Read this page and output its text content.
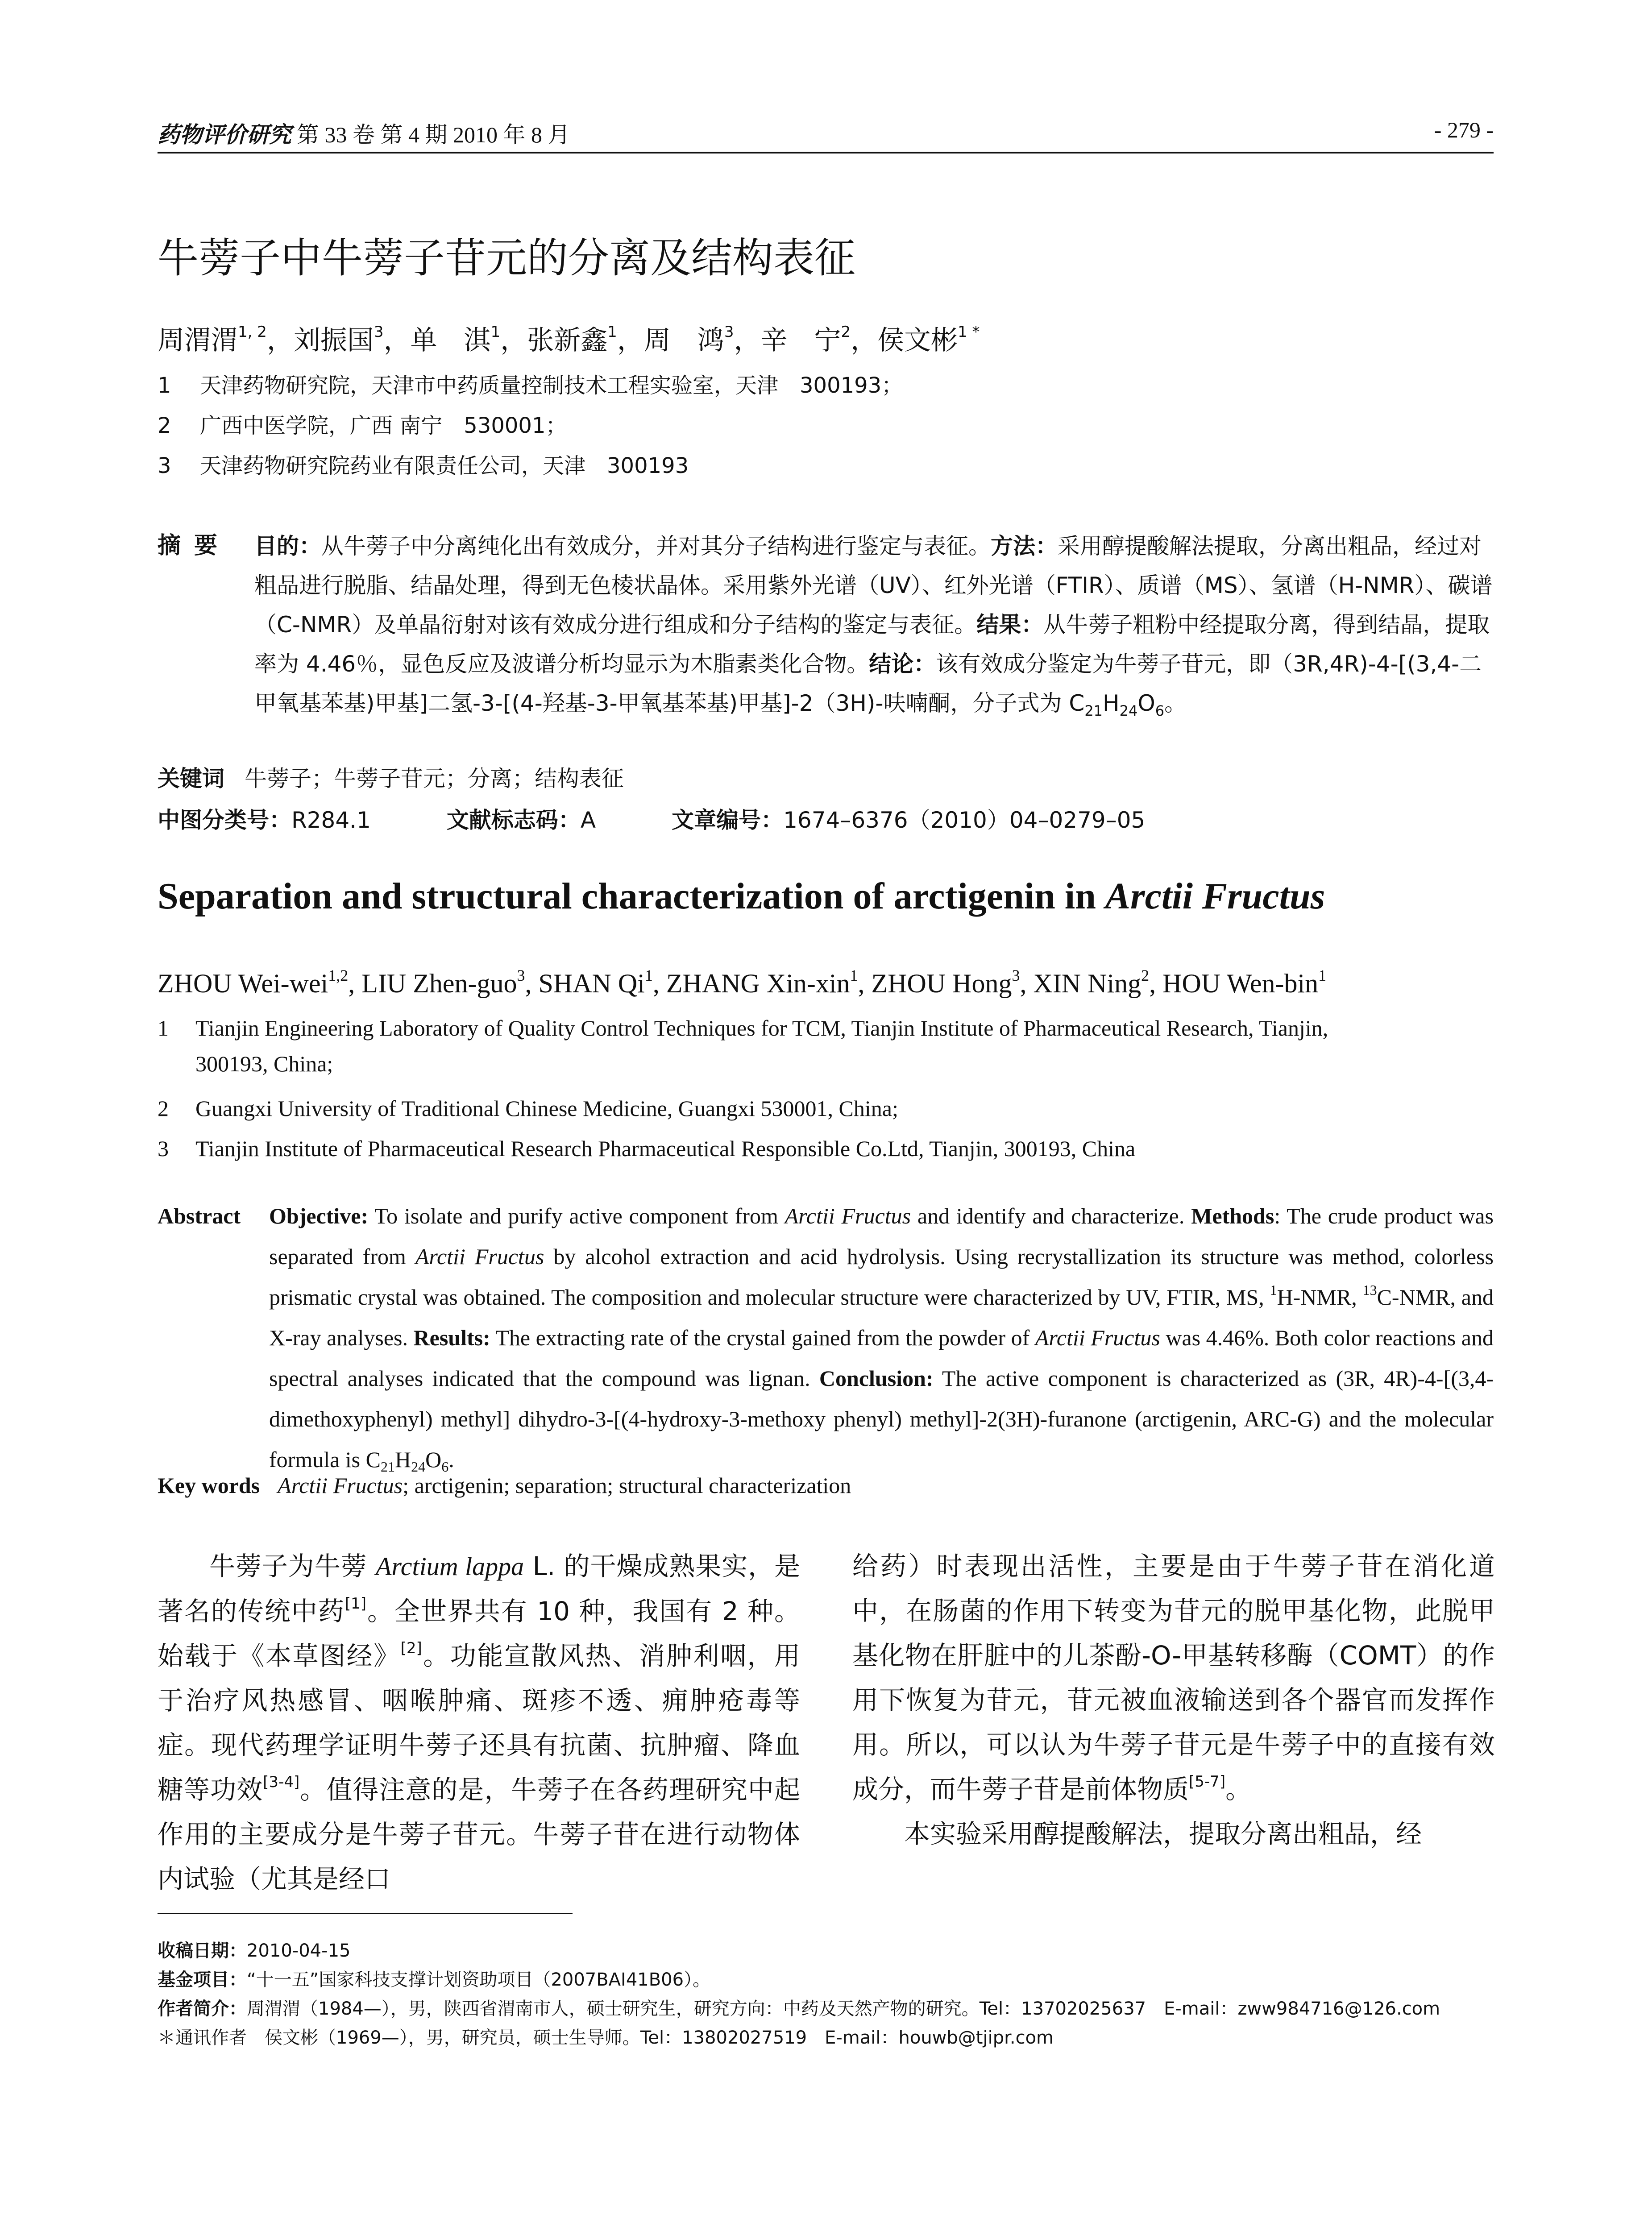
药物评价研究 第 33 卷 第 4 期 2010 年 8 月	- 279 -
牛蒡子中牛蒡子苷元的分离及结构表征
周渭渭$^{1, 2}$，刘振国$^3$，单　淇$^1$，张新鑫$^1$，周　鸿$^3$，辛　宁$^2$，侯文彬$^{1 *}$
1 天津药物研究院，天津市中药质量控制技术工程实验室，天津　300193；
2 广西中医学院，广西 南宁　530001；
3 天津药物研究院药业有限责任公司，天津　300193
摘要 目的：从牛蒡子中分离纯化出有效成分，并对其分子结构进行鉴定与表征。方法：采用醇提酸解法提取，分离出粗品，经过对粗品进行脱脂、结晶处理，得到无色棱状晶体。采用紫外光谱（UV）、红外光谱（FTIR）、质谱（MS）、氢谱（H-NMR）、碳谱（C-NMR）及单晶衍射对该有效成分进行组成和分子结构的鉴定与表征。结果：从牛蒡子粗粉中经提取分离，得到结晶，提取率为 4.46％，显色反应及波谱分析均显示为木脂素类化合物。结论：该有效成分鉴定为牛蒡子苷元，即（3R,4R)-4-[(3,4-二甲氧基苯基)甲基]二氢-3-[(4-羟基-3-甲氧基苯基)甲基]-2（3H)-呋喃酮，分子式为 $C_{21}H_{24}O_6$。
关键词 牛蒡子；牛蒡子苷元；分离；结构表征
中图分类号：R284.1	文献标志码：A	文章编号：1674–6376（2010）04–0279–05
Separation and structural characterization of arctigenin in Arctii Fructus
ZHOU Wei-wei$^{1,2}$, LIU Zhen-guo$^3$, SHAN Qi$^1$, ZHANG Xin-xin$^1$, ZHOU Hong$^3$, XIN Ning$^2$, HOU Wen-bin$^1$
1 Tianjin Engineering Laboratory of Quality Control Techniques for TCM, Tianjin Institute of Pharmaceutical Research, Tianjin,
300193, China;
2 Guangxi University of Traditional Chinese Medicine, Guangxi 530001, China;
3 Tianjin Institute of Pharmaceutical Research Pharmaceutical Responsible Co.Ltd, Tianjin, 300193, China
Abstract	Objective: To isolate and purify active component from Arctii Fructus and identify and characterize. Methods: The crude product was separated from Arctii Fructus by alcohol extraction and acid hydrolysis. Using recrystallization its structure was method, colorless prismatic crystal was obtained. The composition and molecular structure were characterized by UV, FTIR, MS, $^1$H-NMR, $^{13}$C-NMR, and X-ray analyses. Results: The extracting rate of the crystal gained from the powder of Arctii Fructus was 4.46%. Both color reactions and spectral analyses indicated that the compound was lignan. Conclusion: The active component is characterized as (3R, 4R)-4-[(3,4-dimethoxyphenyl) methyl] dihydro-3-[(4-hydroxy-3-methoxy phenyl) methyl]-2(3H)-furanone (arctigenin, ARC-G) and the molecular formula is $C_{21}H_{24}O_6$.
Key words Arctii Fructus; arctigenin; separation; structural characterization
牛蒡子为牛蒡 Arctium lappa L. 的干燥成熟果实，是著名的传统中药[1]。全世界共有 10 种，我国有 2 种。始载于《本草图经》[2]。功能宣散风热、消肿利咽，用于治疗风热感冒、咽喉肿痛、斑疹不透、痈肿疮毒等症。现代药理学证明牛蒡子还具有抗菌、抗肿瘤、降血糖等功效[3-4]。值得注意的是，牛蒡子在各药理研究中起作用的主要成分是牛蒡子苷元。牛蒡子苷在进行动物体内试验（尤其是经口
给药）时表现出活性，主要是由于牛蒡子苷在消化道中，在肠菌的作用下转变为苷元的脱甲基化物，此脱甲基化物在肝脏中的儿茶酚-O-甲基转移酶（COMT）的作用下恢复为苷元，苷元被血液输送到各个器官而发挥作用。所以，可以认为牛蒡子苷元是牛蒡子中的直接有效成分，而牛蒡子苷是前体物质[5-7]。
本实验采用醇提酸解法，提取分离出粗品，经
收稿日期：2010-04-15
基金项目：“十一五”国家科技支撑计划资助项目（2007BAI41B06）。
作者简介：周渭渭（1984—），男，陕西省渭南市人，硕士研究生，研究方向：中药及天然产物的研究。Tel：13702025637　E-mail：zww984716@126.com
＊通讯作者　侯文彬（1969—），男，研究员，硕士生导师。Tel：13802027519　E-mail：houwb@tjipr.com
